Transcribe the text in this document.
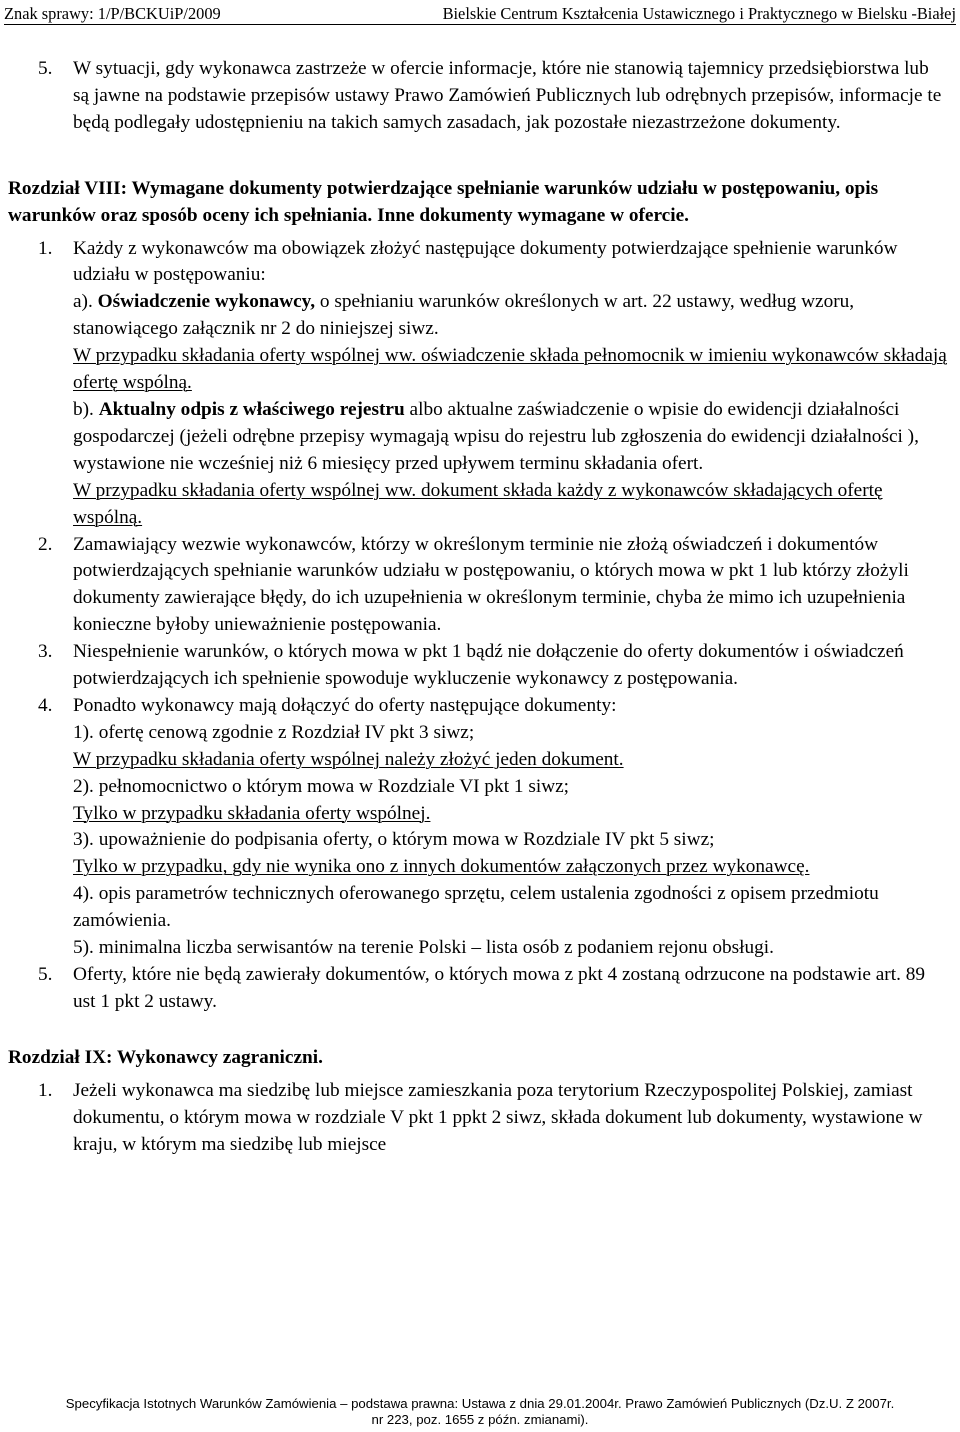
Znak sprawy: 1/P/BCKUiP/2009	Bielskie Centrum Kształcenia Ustawicznego i Praktycznego w Bielsku -Białej
5. W sytuacji, gdy wykonawca zastrzeże w ofercie informacje, które nie stanowią tajemnicy przedsiębiorstwa lub są jawne na podstawie przepisów ustawy Prawo Zamówień Publicznych lub odrębnych przepisów, informacje te będą podlegały udostępnieniu na takich samych zasadach, jak pozostałe niezastrzeżone dokumenty.
Rozdział VIII: Wymagane dokumenty potwierdzające spełnianie warunków udziału w postępowaniu, opis warunków oraz sposób oceny ich spełniania. Inne dokumenty wymagane w ofercie.
1. Każdy z wykonawców ma obowiązek złożyć następujące dokumenty potwierdzające spełnienie warunków udziału w postępowaniu:
a). Oświadczenie wykonawcy, o spełnianiu warunków określonych w art. 22 ustawy, według wzoru, stanowiącego załącznik nr 2 do niniejszej siwz.
W przypadku składania oferty wspólnej ww. oświadczenie składa pełnomocnik w imieniu wykonawców składają ofertę wspólną.
b). Aktualny odpis z właściwego rejestru albo aktualne zaświadczenie o wpisie do ewidencji działalności gospodarczej (jeżeli odrębne przepisy wymagają wpisu do rejestru lub zgłoszenia do ewidencji działalności ), wystawione nie wcześniej niż 6 miesięcy przed upływem terminu składania ofert.
W przypadku składania oferty wspólnej ww. dokument składa każdy z wykonawców składających ofertę wspólną.
2. Zamawiający wezwie wykonawców, którzy w określonym terminie nie złożą oświadczeń i dokumentów potwierdzających spełnianie warunków udziału w postępowaniu, o których mowa w pkt 1 lub którzy złożyli dokumenty zawierające błędy, do ich uzupełnienia w określonym terminie, chyba że mimo ich uzupełnienia konieczne byłoby unieważnienie postępowania.
3. Niespełnienie warunków, o których mowa w pkt 1 bądź nie dołączenie do oferty dokumentów i oświadczeń potwierdzających ich spełnienie spowoduje wykluczenie wykonawcy z postępowania.
4. Ponadto wykonawcy mają dołączyć do oferty następujące dokumenty:
1). ofertę cenową zgodnie z Rozdział IV pkt 3 siwz;
W przypadku składania oferty wspólnej należy złożyć jeden dokument.
2). pełnomocnictwo o którym mowa w Rozdziale VI pkt 1 siwz;
Tylko w przypadku składania oferty wspólnej.
3). upoważnienie do podpisania oferty, o którym mowa w Rozdziale IV pkt 5 siwz;
Tylko w przypadku, gdy nie wynika ono z innych dokumentów załączonych przez wykonawcę.
4). opis parametrów technicznych oferowanego sprzętu, celem ustalenia zgodności z opisem przedmiotu zamówienia.
5). minimalna liczba serwisantów na terenie Polski – lista osób z podaniem rejonu obsługi.
5. Oferty, które nie będą zawierały dokumentów, o których mowa z pkt 4 zostaną odrzucone na podstawie art. 89 ust 1 pkt 2 ustawy.
Rozdział IX: Wykonawcy zagraniczni.
1. Jeżeli wykonawca ma siedzibę lub miejsce zamieszkania poza terytorium Rzeczypospolitej Polskiej, zamiast dokumentu, o którym mowa w rozdziale V pkt 1 ppkt 2 siwz, składa dokument lub dokumenty, wystawione w kraju, w którym ma siedzibę lub miejsce
Specyfikacja Istotnych Warunków Zamówienia – podstawa prawna: Ustawa z dnia 29.01.2004r. Prawo Zamówień Publicznych (Dz.U. Z 2007r.
nr 223, poz. 1655 z późn. zmianami).
